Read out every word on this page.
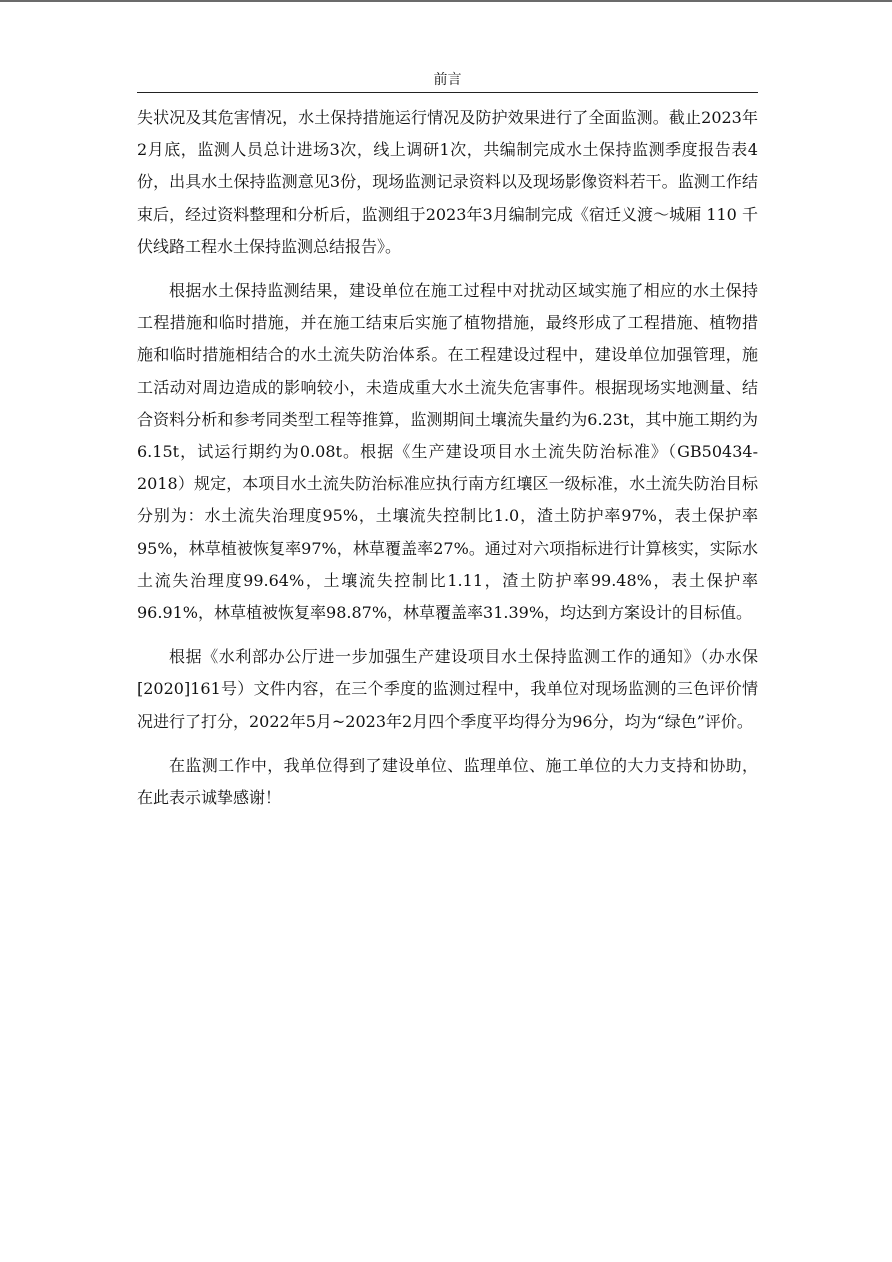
前言

失状况及其危害情况，水土保持措施运行情况及防护效果进行了全面监测。截止2023年2月底，监测人员总计进场3次，线上调研1次，共编制完成水土保持监测季度报告表4份，出具水土保持监测意见3份，现场监测记录资料以及现场影像资料若干。监测工作结束后，经过资料整理和分析后，监测组于2023年3月编制完成《宿迁义渡～城厢 110 千伏线路工程水土保持监测总结报告》。

根据水土保持监测结果，建设单位在施工过程中对扰动区域实施了相应的水土保持工程措施和临时措施，并在施工结束后实施了植物措施，最终形成了工程措施、植物措施和临时措施相结合的水土流失防治体系。在工程建设过程中，建设单位加强管理，施工活动对周边造成的影响较小，未造成重大水土流失危害事件。根据现场实地测量、结合资料分析和参考同类型工程等推算，监测期间土壤流失量约为6.23t，其中施工期约为6.15t，试运行期约为0.08t。根据《生产建设项目水土流失防治标准》（GB50434-2018）规定，本项目水土流失防治标准应执行南方红壤区一级标准，水土流失防治目标分别为：水土流失治理度95%，土壤流失控制比1.0，渣土防护率97%，表土保护率95%，林草植被恢复率97%，林草覆盖率27%。通过对六项指标进行计算核实，实际水土流失治理度99.64%，土壤流失控制比1.11，渣土防护率99.48%，表土保护率96.91%，林草植被恢复率98.87%，林草覆盖率31.39%，均达到方案设计的目标值。

根据《水利部办公厅进一步加强生产建设项目水土保持监测工作的通知》（办水保[2020]161号）文件内容，在三个季度的监测过程中，我单位对现场监测的三色评价情况进行了打分，2022年5月~2023年2月四个季度平均得分为96分，均为“绿色”评价。

在监测工作中，我单位得到了建设单位、监理单位、施工单位的大力支持和协助，在此表示诚挚感谢！
